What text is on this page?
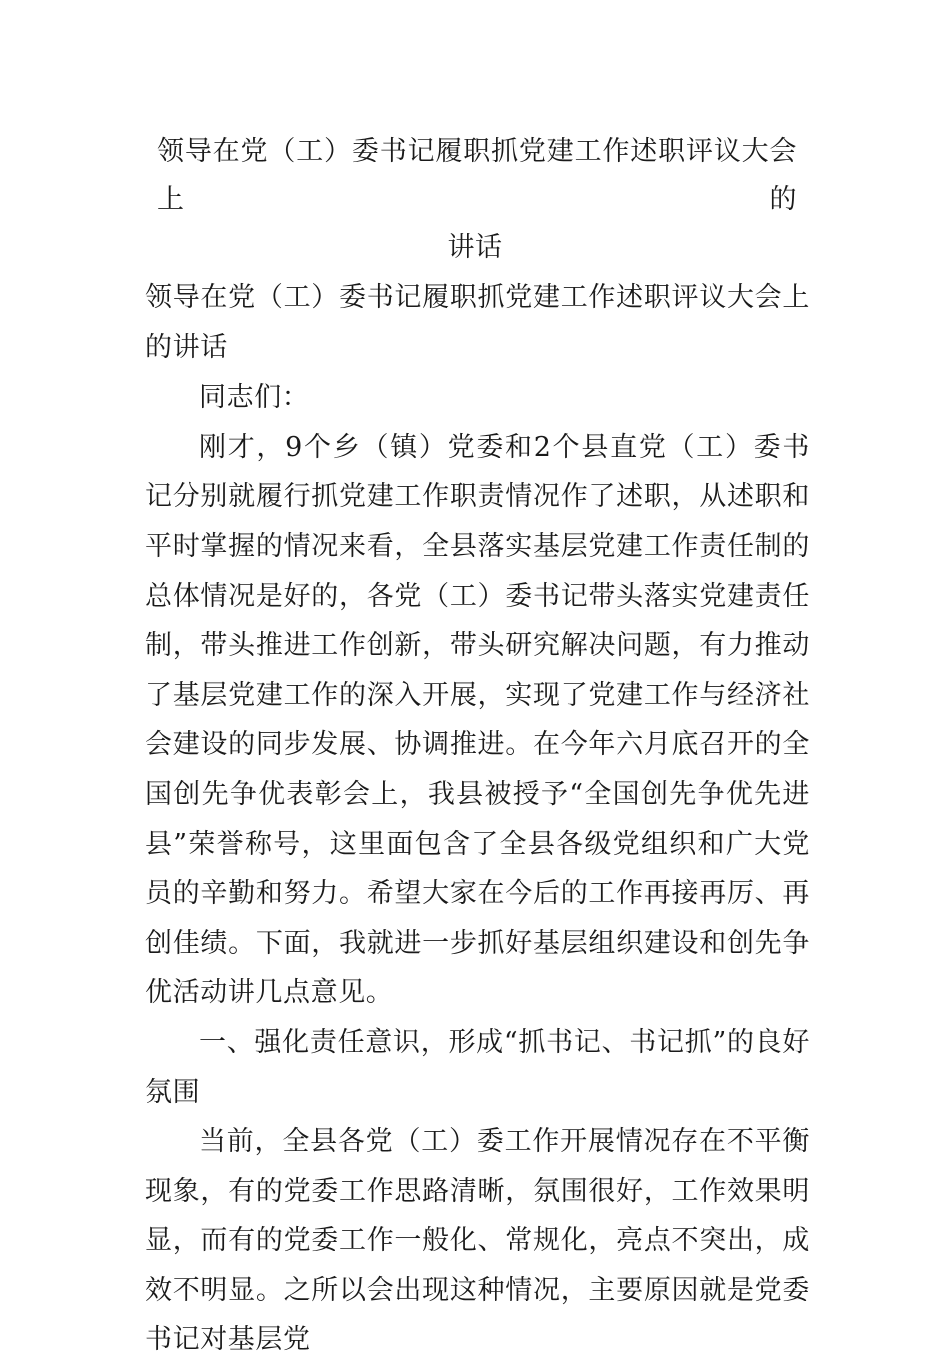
领导在党（工）委书记履职抓党建工作述职评议大会上的
讲话

领导在党（工）委书记履职抓党建工作述职评议大会上的讲话

同志们：

刚才，9个乡（镇）党委和2个县直党（工）委书记分别就履行抓党建工作职责情况作了述职，从述职和平时掌握的情况来看，全县落实基层党建工作责任制的总体情况是好的，各党（工）委书记带头落实党建责任制，带头推进工作创新，带头研究解决问题，有力推动了基层党建工作的深入开展，实现了党建工作与经济社会建设的同步发展、协调推进。在今年六月底召开的全国创先争优表彰会上，我县被授予“全国创先争优先进县”荣誉称号，这里面包含了全县各级党组织和广大党员的辛勤和努力。希望大家在今后的工作再接再厉、再创佳绩。下面，我就进一步抓好基层组织建设和创先争优活动讲几点意见。

一、强化责任意识，形成“抓书记、书记抓”的良好氛围

当前，全县各党（工）委工作开展情况存在不平衡现象，有的党委工作思路清晰，氛围很好，工作效果明显，而有的党委工作一般化、常规化，亮点不突出，成效不明显。之所以会出现这种情况，主要原因就是党委书记对基层党
